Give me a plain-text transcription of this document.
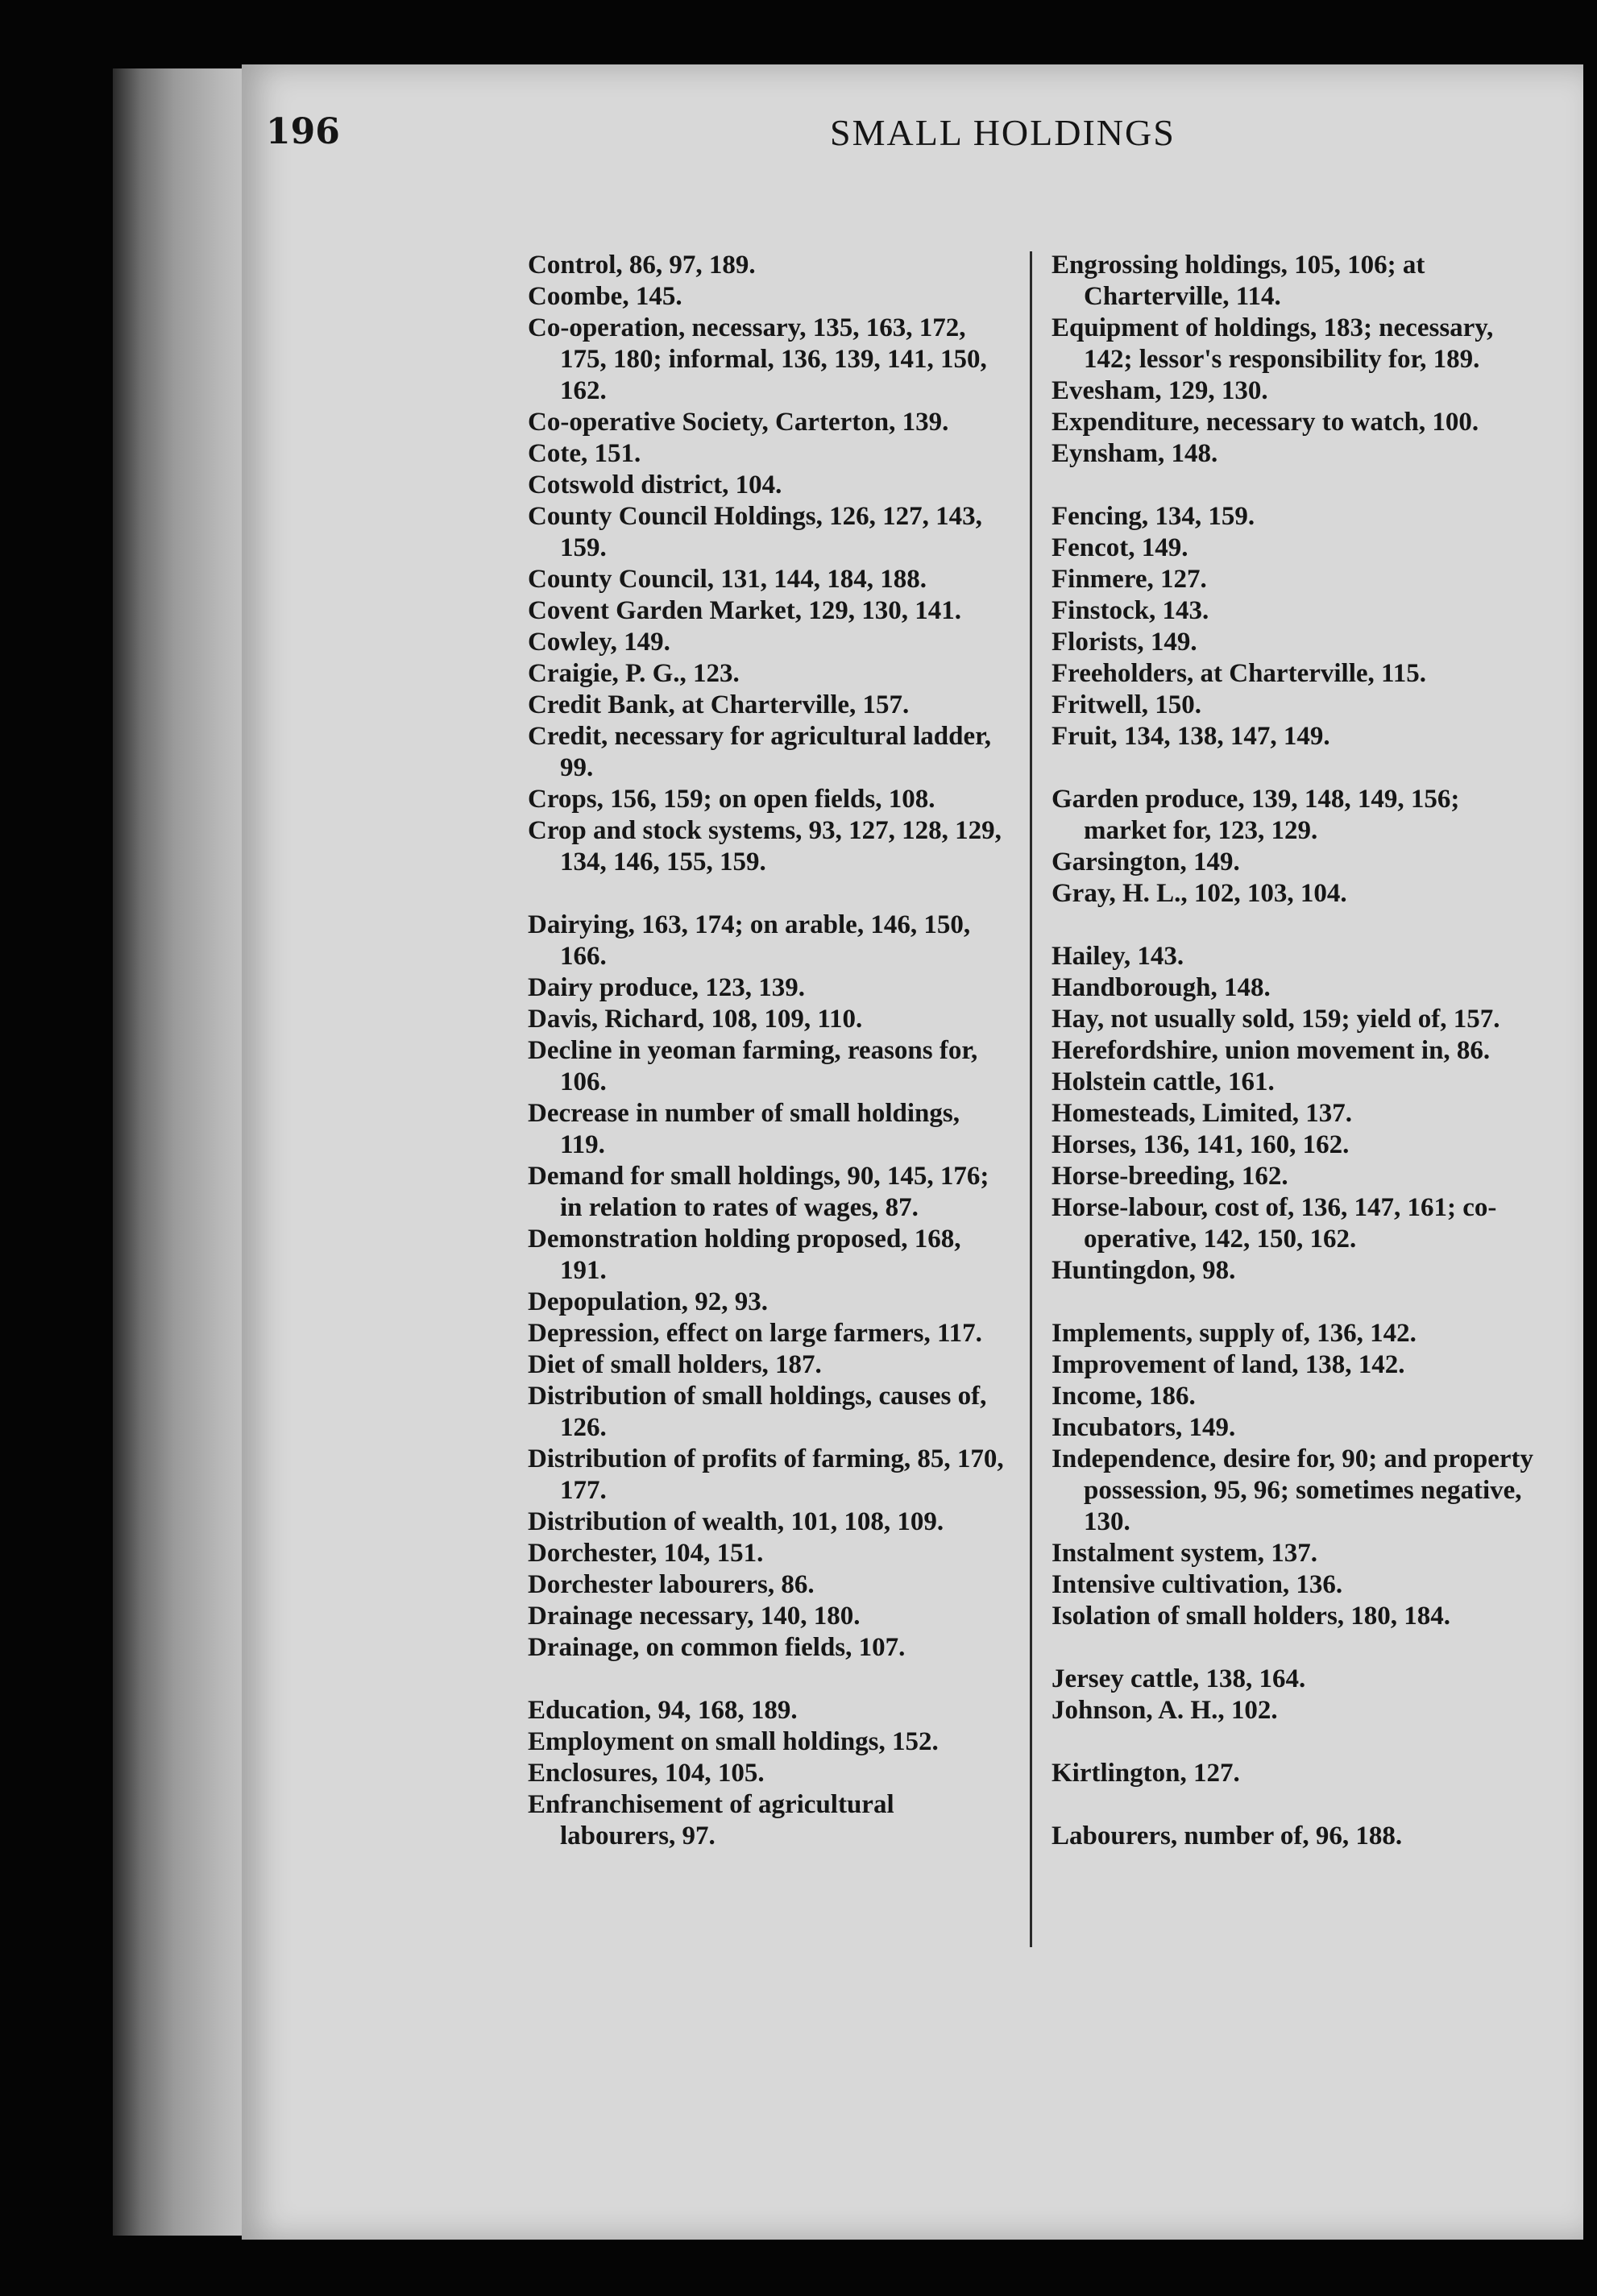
196	SMALL HOLDINGS

Control, 86, 97, 189.

Coombe, 145.

Co-operation, necessary, 135, 163, 172, 175, 180; informal, 136, 139, 141, 150, 162.

Co-operative Society, Carterton, 139.

Cote, 151.

Cotswold district, 104.

County Council Holdings, 126, 127, 143, 159.

County Council, 131, 144, 184, 188.

Covent Garden Market, 129, 130, 141.

Cowley, 149.

Craigie, P. G., 123.

Credit Bank, at Charterville, 157.

Credit, necessary for agricultural ladder, 99.

Crops, 156, 159; on open fields, 108.

Crop and stock systems, 93, 127, 128, 129, 134, 146, 155, 159.

Dairying, 163, 174; on arable, 146, 150, 166.

Dairy produce, 123, 139.

Davis, Richard, 108, 109, 110.

Decline in yeoman farming, reasons for, 106.

Decrease in number of small holdings, 119.

Demand for small holdings, 90, 145, 176; in relation to rates of wages, 87.

Demonstration holding proposed, 168, 191.

Depopulation, 92, 93.

Depression, effect on large farmers, 117.

Diet of small holders, 187.

Distribution of small holdings, causes of, 126.

Distribution of profits of farming, 85, 170, 177.

Distribution of wealth, 101, 108, 109.

Dorchester, 104, 151.

Dorchester labourers, 86.

Drainage necessary, 140, 180.

Drainage, on common fields, 107.

Education, 94, 168, 189.

Employment on small holdings, 152.

Enclosures, 104, 105.

Enfranchisement of agricultural labourers, 97.

Engrossing holdings, 105, 106; at Charterville, 114.

Equipment of holdings, 183; necessary, 142; lessor's responsibility for, 189.

Evesham, 129, 130.

Expenditure, necessary to watch, 100.

Eynsham, 148.

Fencing, 134, 159.

Fencot, 149.

Finmere, 127.

Finstock, 143.

Florists, 149.

Freeholders, at Charterville, 115.

Fritwell, 150.

Fruit, 134, 138, 147, 149.

Garden produce, 139, 148, 149, 156; market for, 123, 129.

Garsington, 149.

Gray, H. L., 102, 103, 104.

Hailey, 143.

Handborough, 148.

Hay, not usually sold, 159; yield of, 157.

Herefordshire, union movement in, 86.

Holstein cattle, 161.

Homesteads, Limited, 137.

Horses, 136, 141, 160, 162.

Horse-breeding, 162.

Horse-labour, cost of, 136, 147, 161; co-operative, 142, 150, 162.

Huntingdon, 98.

Implements, supply of, 136, 142.

Improvement of land, 138, 142.

Income, 186.

Incubators, 149.

Independence, desire for, 90; and property possession, 95, 96; sometimes negative, 130.

Instalment system, 137.

Intensive cultivation, 136.

Isolation of small holders, 180, 184.

Jersey cattle, 138, 164.

Johnson, A. H., 102.

Kirtlington, 127.

Labourers, number of, 96, 188.
